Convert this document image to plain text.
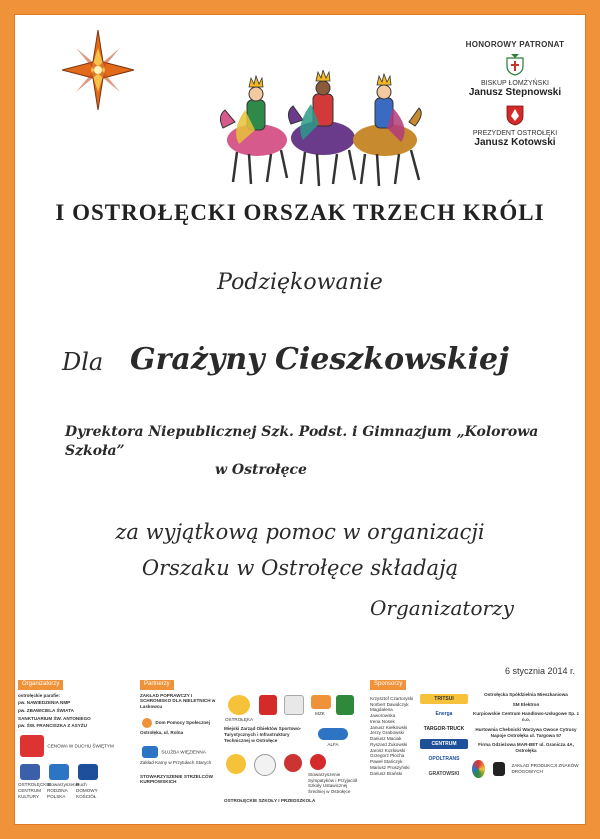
HONOROWY PATRONAT
BISKUP ŁOMŻYŃSKI
Janusz Stepnowski
PREZYDENT OSTROŁĘKI
Janusz Kotowski
I OSTROŁĘCKI ORSZAK TRZECH KRÓLI
Podziękowanie
Dla Grażyny Cieszkowskiej
Dyrektora Niepublicznej Szk. Podst. i Gimnazjum „Kolorowa Szkoła”
w Ostrołęce
za wyjątkową pomoc w organizacji
Orszaku w Ostrołęce składają
Organizatorzy
6 stycznia 2014 r.
Organizatorzy
ostrołęckie parafie:
pw. NAWIEDZENIA NMP
pw. ZBAWICIELA ŚWIATA
SANKTUARIUM ŚW. ANTONIEGO
pw. ŚW. FRANCISZKA Z ASYŻU
CENOWA W DUCHU ŚWIĘTYM
OSTROŁĘCKIE CENTRUM KULTURY
Stowarzyszenie RODZINA POLSKA
Ruch DOMOWY KOŚCIÓŁ
Partnerzy
ZAKŁAD POPRAWCZY I SCHRONISKO DLA NIELETNICH w Laskowcu
Dom Pomocy Społecznej Ostrołęka, ul. Rolna
SŁUŻBA WIĘZIENNA
Zakład Karny w Przytułach Starych
STOWARZYSZENIE STRZELCÓW KURPIOWSKICH
OSTROŁĘKA
MZK
Miejski Zarząd Obiektów Sportowo-Turystycznych i Infrastruktury Technicznej w Ostrołęce
ALFA
Stowarzyszenie Sympatyków i Przyjaciół Szkoły Ustawicznej Średniej w Ostrołęce
OSTROŁĘCKIE SZKOŁY I PRZEDSZKOLA
Sponsorzy
Krzysztof Czartoryski
Norbert Dawidczyk
Magdalena Jaworowska
Irena Nosek
Janusz Kiełkowski
Jerzy Grabowski
Dariusz Maciak
Ryszard Żukowski
Jarosz Kozłowski
Grzegorz Płocha
Paweł Stańczyk
Mariusz Pruszyński
Dariusz Brański
TRITSUI
Energa
TARGOR-TRUCK
CENTRUM TARGOWA
OPOLTRANS
GRATOWSKI
Ostrołęcka Spółdzielnia Mieszkaniowa
SM Elektron
Kurpiowskie Centrum Handlowo-Usługowe Sp. z o.o.
Hurtownia Chebnicki Warzywa Owoce Cytrusy Napoje Ostrołęka ul. Targowa 57
Firma Odzieżowa MAR-BET ul. Granicza 4A, Ostrołęka
ZAKŁAD PRODUKCJI ZNAKÓW DROGOWYCH
